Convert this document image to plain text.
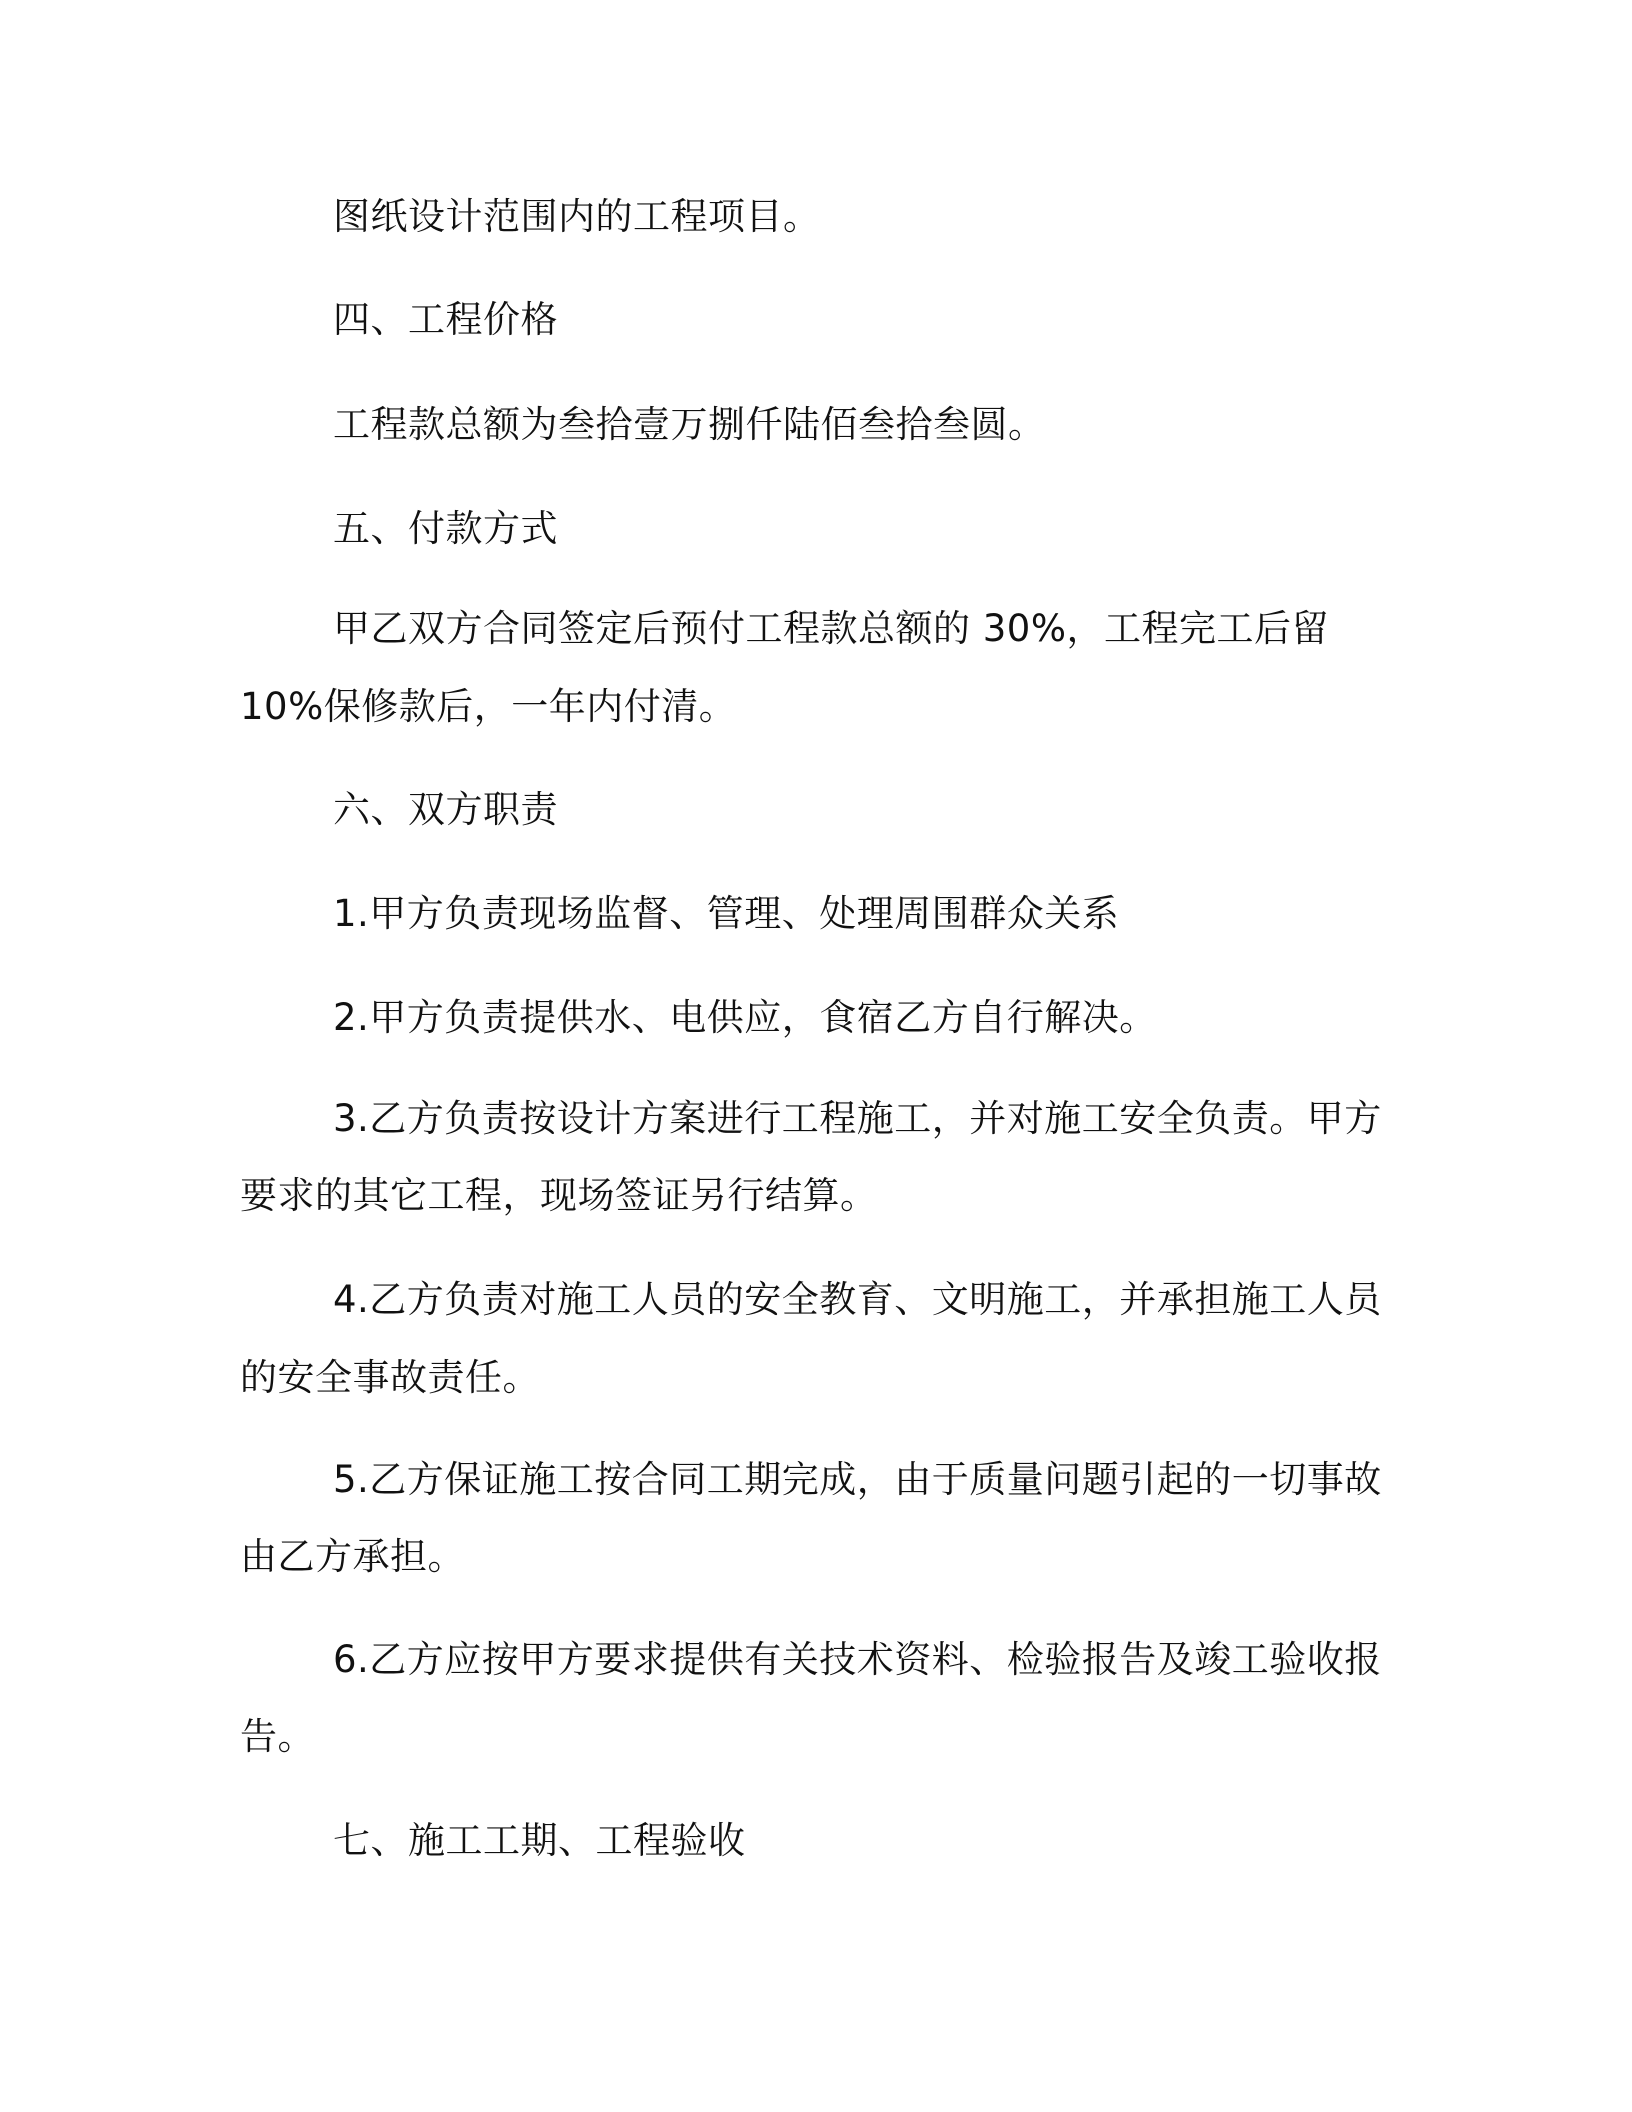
图纸设计范围内的工程项目。

四、工程价格

工程款总额为叁拾壹万捌仟陆佰叁拾叁圆。

五、付款方式

甲乙双方合同签定后预付工程款总额的 30%，工程完工后留

10%保修款后，一年内付清。

六、双方职责

1.甲方负责现场监督、管理、处理周围群众关系

2.甲方负责提供水、电供应，食宿乙方自行解决。

3.乙方负责按设计方案进行工程施工，并对施工安全负责。甲方

要求的其它工程，现场签证另行结算。

4.乙方负责对施工人员的安全教育、文明施工，并承担施工人员

的安全事故责任。

5.乙方保证施工按合同工期完成，由于质量问题引起的一切事故

由乙方承担。

6.乙方应按甲方要求提供有关技术资料、检验报告及竣工验收报

告。

七、施工工期、工程验收
